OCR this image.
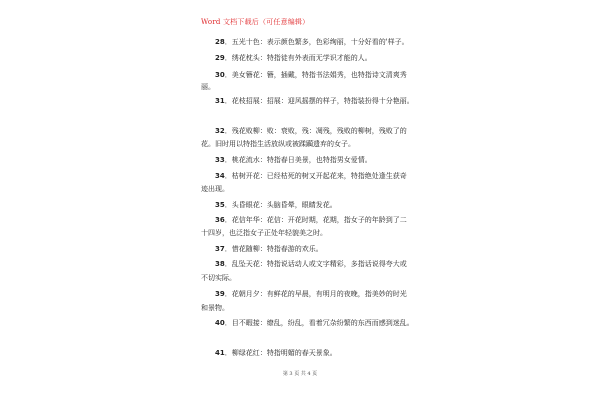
Word 文档下载后（可任意编辑）
28．五光十色：表示颜色繁多，色彩绚丽，十分好看的'样子。
29．绣花枕头：特指徒有外表而无学识才能的人。
30．美女簪花：簪，插戴，特指书法娟秀，也特指诗文清爽秀
丽。
31．花枝招展：招展：迎风摇摆的样子，特指装扮得十分艳丽。
32．残花败柳：败：衰败，残：凋残，残败的柳树，残败了的
花。旧时用以特指生活放纵或被蹂躏遗弃的女子。
33．桃花流水：特指春日美景，也特指男女爱情。
34．枯树开花：已经枯死的树又开起花来，特指绝处逢生获奇
迹出现。
35．头昏眼花：头脑昏晕，眼睛发花。
36．花信年华：花信：开花时期，花期，指女子的年龄到了二
十四岁，也泛指女子正处年轻貌美之时。
37．惜花随柳：特指春游的欢乐。
38．乱坠天花：特指说话动人或文字精彩，多指话说得夸大或
不切实际。
39．花朝月夕：有鲜花的早晨，有明月的夜晚，指美妙的时光
和景物。
40．目不暇接：缭乱，纷乱，看着冗杂纷繁的东西而感到迷乱。
41．柳绿花红：特指明媚的春天景象。
第 3 页 共 4 页
